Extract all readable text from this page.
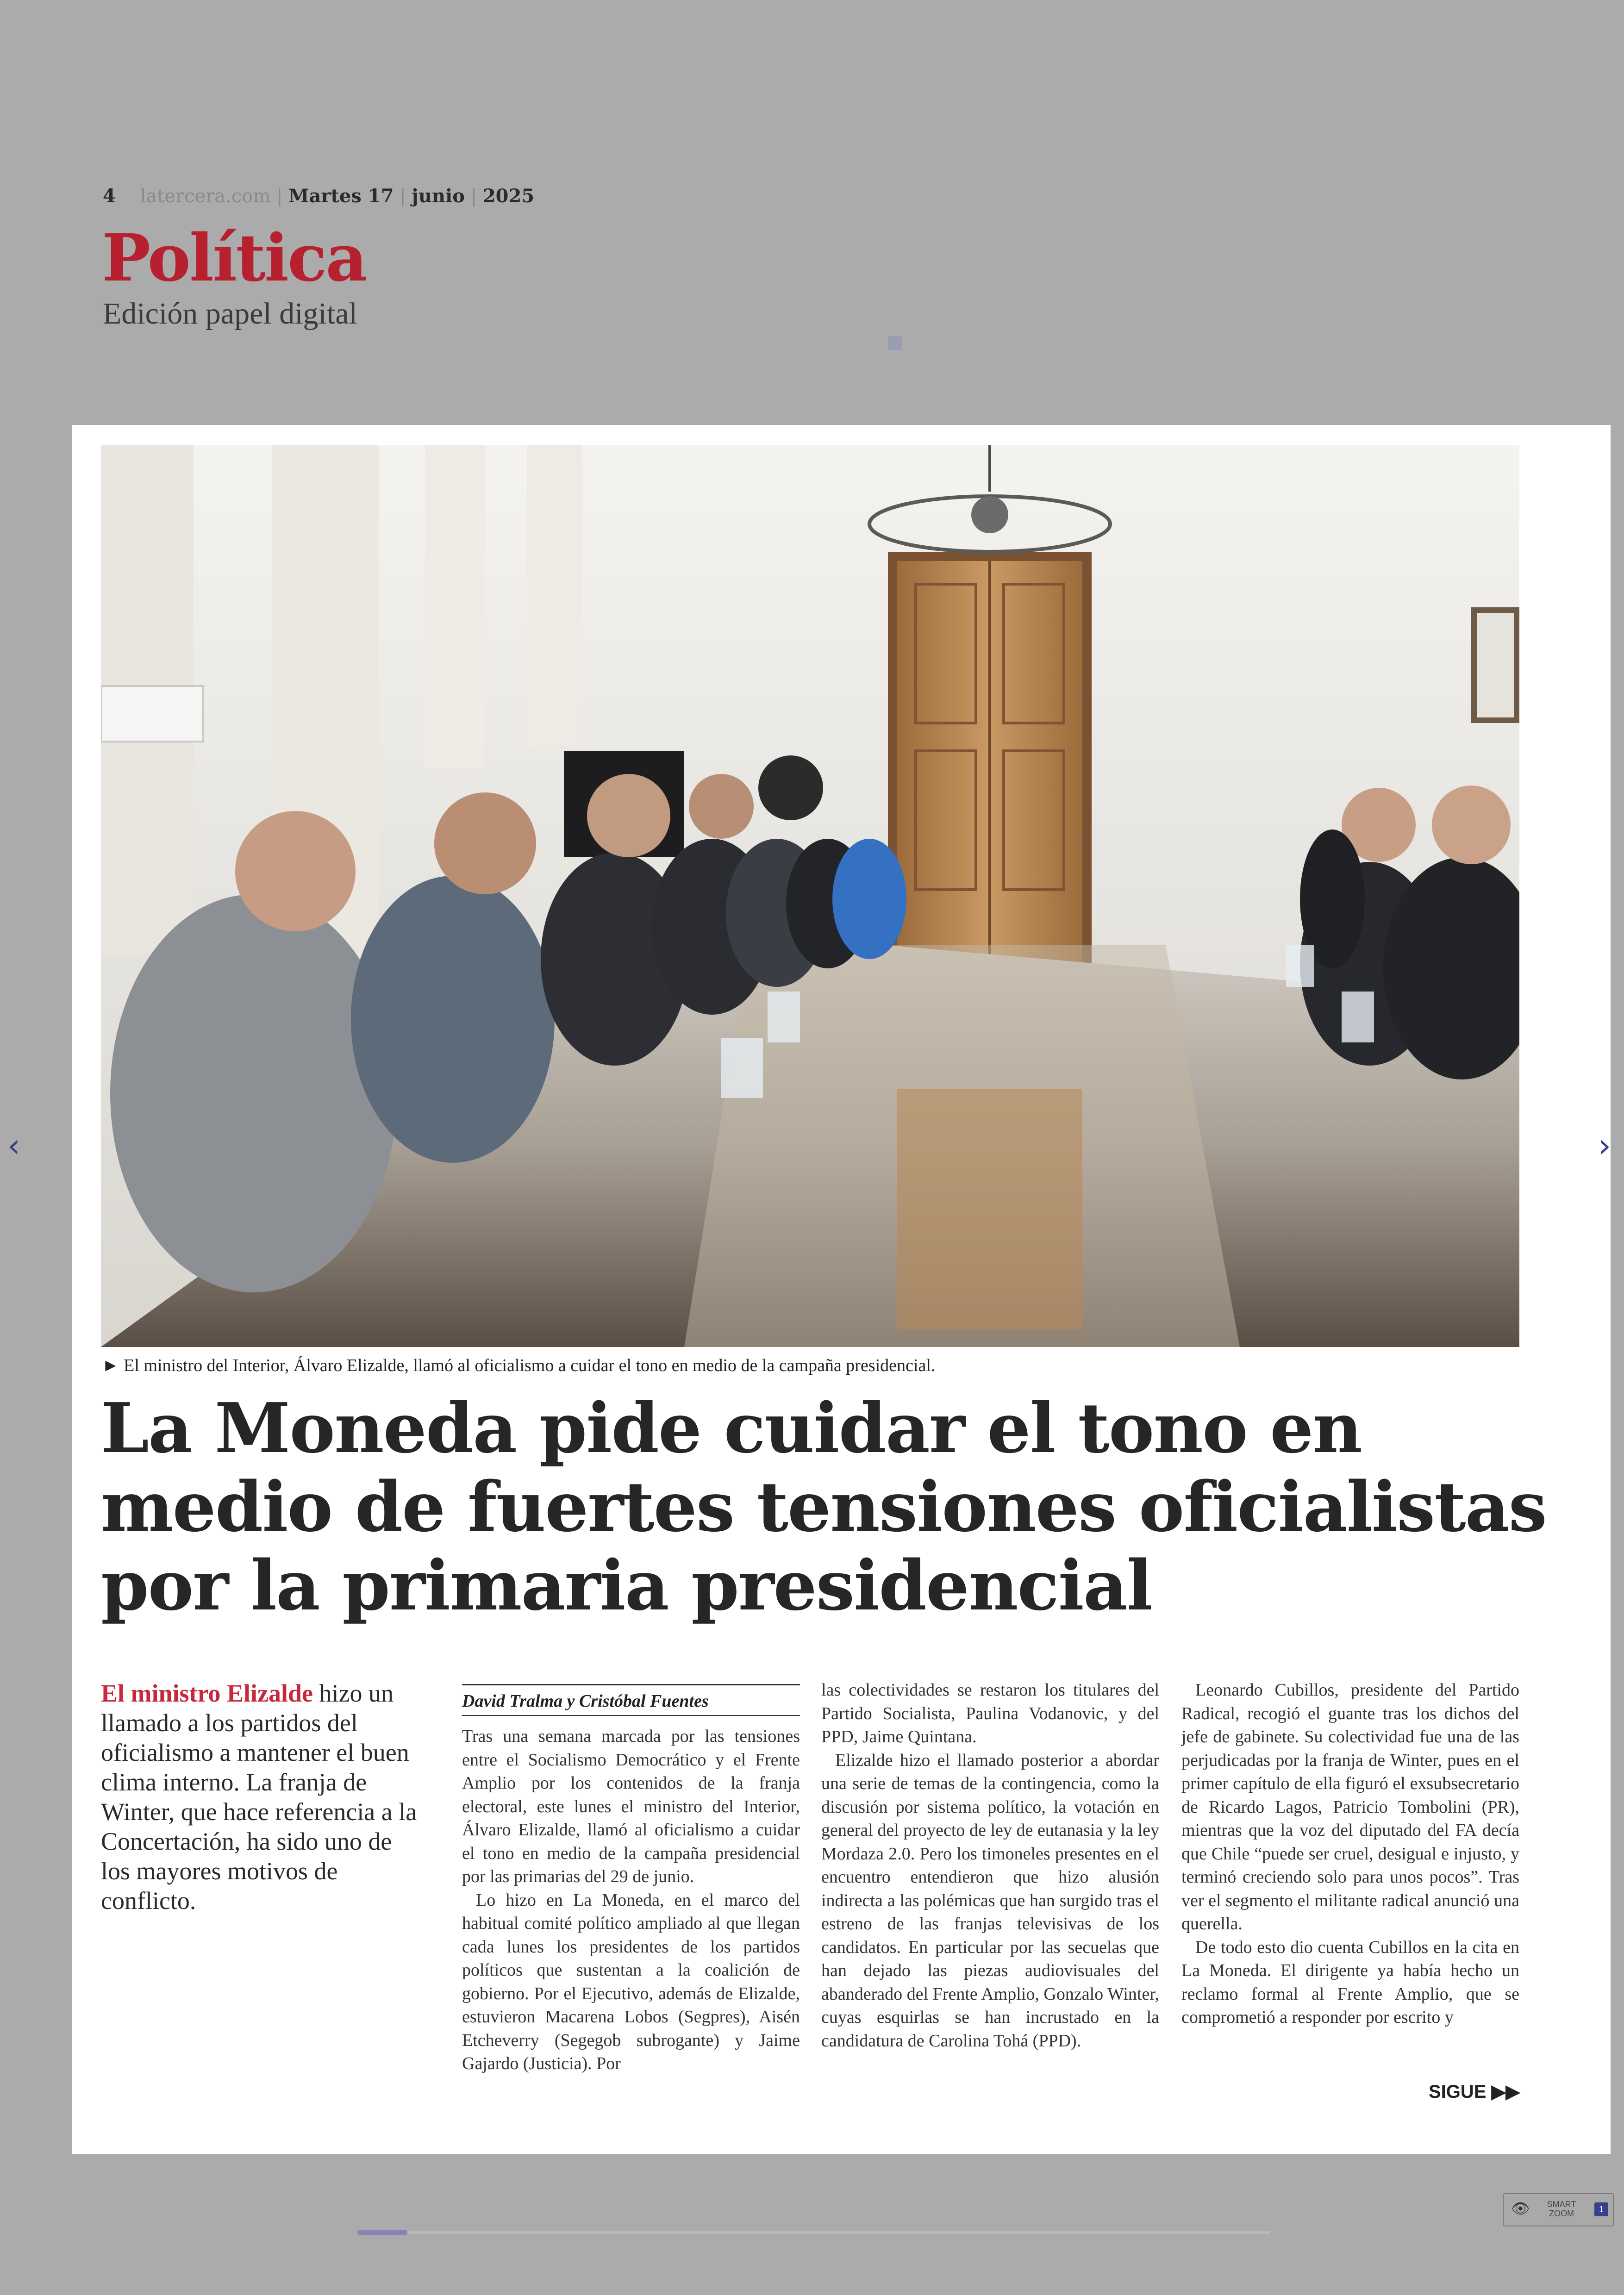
4 latercera.com | Martes 17 | junio | 2025
Política
Edición papel digital
► El ministro del Interior, Álvaro Elizalde, llamó al oficialismo a cuidar el tono en medio de la campaña presidencial.
La Moneda pide cuidar el tono en
medio de fuertes tensiones oficialistas
por la primaria presidencial
El ministro Elizalde hizo un llamado a los partidos del oficialismo a mantener el buen clima interno. La franja de Winter, que hace referencia a la Concertación, ha sido uno de los mayores motivos de conflicto.
David Tralma y Cristóbal Fuentes

Tras una semana marcada por las tensiones entre el Socialismo Democrático y el Frente Amplio por los contenidos de la franja electoral, este lunes el ministro del Interior, Álvaro Elizalde, llamó al oficialismo a cuidar el tono en medio de la campaña presidencial por las primarias del 29 de junio.

Lo hizo en La Moneda, en el marco del habitual comité político ampliado al que llegan cada lunes los presidentes de los partidos políticos que sustentan a la coalición de gobierno. Por el Ejecutivo, además de Elizalde, estuvieron Macarena Lobos (Segpres), Aisén Etcheverry (Segegob subrogante) y Jaime Gajardo (Justicia). Por

las colectividades se restaron los titulares del Partido Socialista, Paulina Vodanovic, y del PPD, Jaime Quintana.

Elizalde hizo el llamado posterior a abordar una serie de temas de la contingencia, como la discusión por sistema político, la votación en general del proyecto de ley de eutanasia y la ley Mordaza 2.0. Pero los timoneles presentes en el encuentro entendieron que hizo alusión indirecta a las polémicas que han surgido tras el estreno de las franjas televisivas de los candidatos. En particular por las secuelas que han dejado las piezas audiovisuales del abanderado del Frente Amplio, Gonzalo Winter, cuyas esquirlas se han incrustado en la candidatura de Carolina Tohá (PPD).

Leonardo Cubillos, presidente del Partido Radical, recogió el guante tras los dichos del jefe de gabinete. Su colectividad fue una de las perjudicadas por la franja de Winter, pues en el primer capítulo de ella figuró el exsubsecretario de Ricardo Lagos, Patricio Tombolini (PR), mientras que la voz del diputado del FA decía que Chile “puede ser cruel, desigual e injusto, y terminó creciendo solo para unos pocos”. Tras ver el segmento el militante radical anunció una querella.

De todo esto dio cuenta Cubillos en la cita en La Moneda. El dirigente ya había hecho un reclamo formal al Frente Amplio, que se comprometió a responder por escrito y

SIGUE ▶▶
‹	›
👁	SMART ZOOM	1
